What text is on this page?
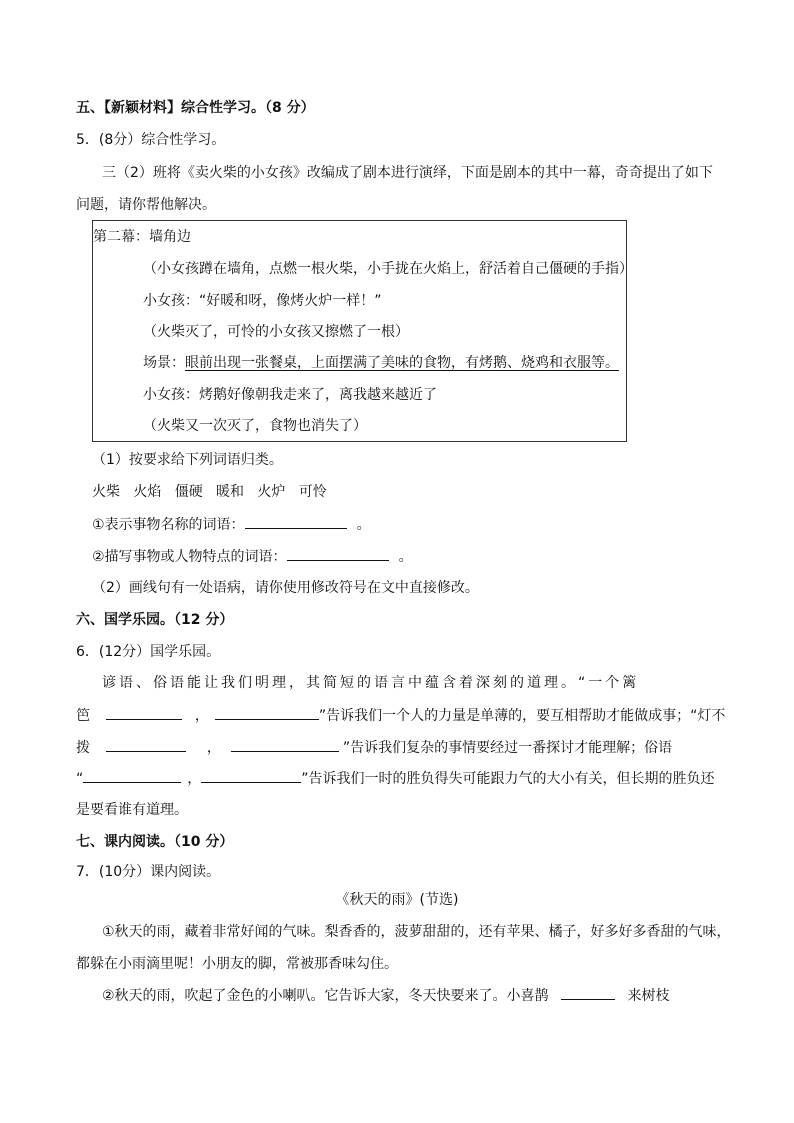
五、【新颖材料】综合性学习。（8 分）
5．(8分）综合性学习。
三（2）班将《卖火柴的小女孩》改编成了剧本进行演绎，下面是剧本的其中一幕，奇奇提出了如下
问题，请你帮他解决。
第二幕：墙角边
（小女孩蹲在墙角，点燃一根火柴，小手拢在火焰上，舒活着自己僵硬的手指）
小女孩：“好暖和呀，像烤火炉一样！”
（火柴灭了，可怜的小女孩又擦燃了一根）
场景：眼前出现一张餐桌，上面摆满了美味的食物，有烤鹅、烧鸡和衣服等。
小女孩：烤鹅好像朝我走来了，离我越来越近了
（火柴又一次灭了，食物也消失了）
（1）按要求给下列词语归类。
火柴   火焰   僵硬   暖和   火炉   可怜
①表示事物名称的词语：	。
②描写事物或人物特点的词语：	。
（2）画线句有一处语病，请你使用修改符号在文中直接修改。
六、国学乐园。（12 分）
6．(12分）国学乐园。
谚语、俗语能让我们明理，其简短的语言中蕴含着深刻的道理。“一个篱
笆	，	”告诉我们一个人的力量是单薄的，要互相帮助才能做成事；“灯不
拨	，	”告诉我们复杂的事情要经过一番探讨才能理解；俗语
“	，	”告诉我们一时的胜负得失可能跟力气的大小有关，但长期的胜负还
是要看谁有道理。
七、课内阅读。（10 分）
7．(10分）课内阅读。
《秋天的雨》(节选)
①秋天的雨，藏着非常好闻的气味。梨香香的，菠萝甜甜的，还有苹果、橘子，好多好多香甜的气味，
都躲在小雨滴里呢！小朋友的脚，常被那香味勾住。
②秋天的雨，吹起了金色的小喇叭。它告诉大家，冬天快要来了。小喜鹊	来树枝
